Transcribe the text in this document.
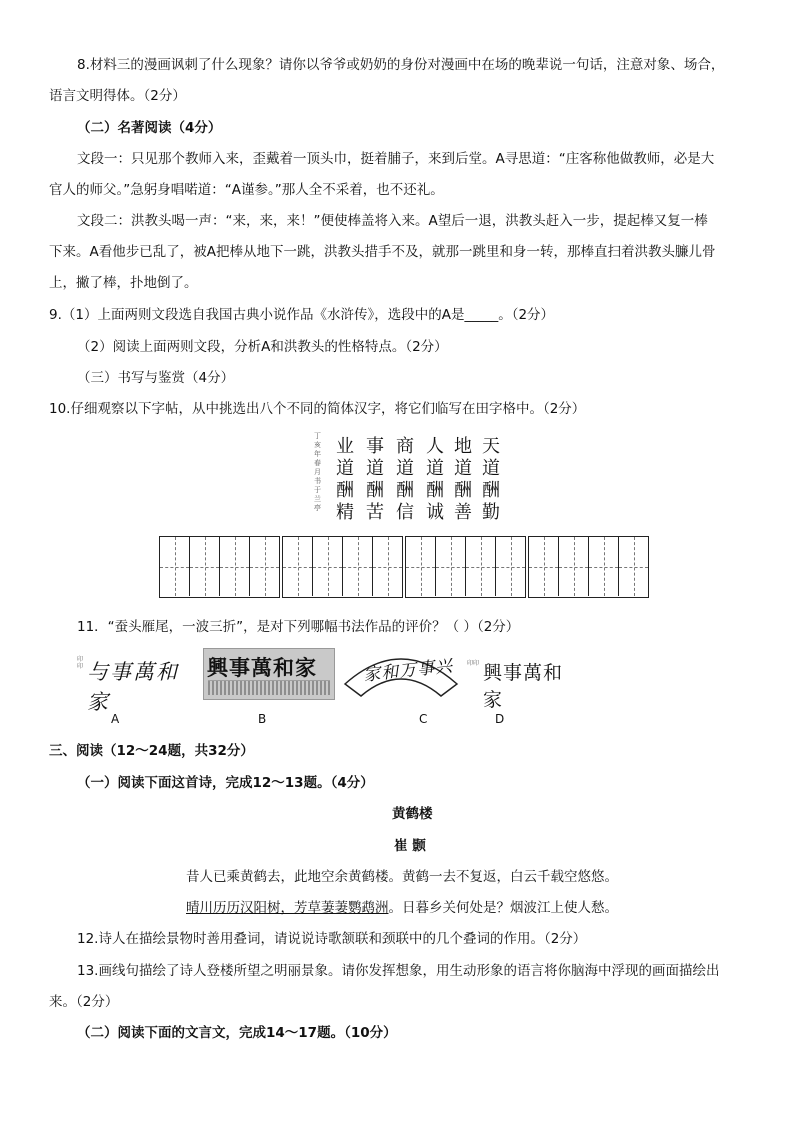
8.材料三的漫画讽刺了什么现象？请你以爷爷或奶奶的身份对漫画中在场的晚辈说一句话，注意对象、场合，
语言文明得体。（2分）
（二）名著阅读（4分）
文段一：只见那个教师入来，歪戴着一顶头巾，挺着脯子，来到后堂。A寻思道：“庄客称他做教师，必是大
官人的师父。”急躬身唱喏道：“A谨参。”那人全不采着，也不还礼。
文段二：洪教头喝一声：“来，来，来！”便使棒盖将入来。A望后一退，洪教头赶入一步，提起棒又复一棒
下来。A看他步已乱了，被A把棒从地下一跳，洪教头措手不及，就那一跳里和身一转，那棒直扫着洪教头臁儿骨
上，撇了棒，扑地倒了。
9.（1）上面两则文段选自我国古典小说作品《水浒传》，选段中的A是_____。（2分）
（2）阅读上面两则文段，分析A和洪教头的性格特点。（2分）
（三）书写与鉴赏（4分）
10.仔细观察以下字帖，从中挑选出八个不同的简体汉字，将它们临写在田字格中。（2分）
丁亥年春月书于兰亭
天道酬勤
地道酬善
人道酬诚
商道酬信
事道酬苦
业道酬精
11．“蚕头雁尾，一波三折”，是对下列哪幅书法作品的评价？（ ）（2分）
印印 与事萬和家
A
興事萬和家
B
家和万事兴
C
印印 興事萬和家
D
三、阅读（12～24题，共32分）
（一）阅读下面这首诗，完成12～13题。（4分）
黄鹤楼
崔 颢
昔人已乘黄鹤去，此地空余黄鹤楼。黄鹤一去不复返，白云千载空悠悠。
晴川历历汉阳树，芳草萋萋鹦鹉洲。日暮乡关何处是？烟波江上使人愁。
12.诗人在描绘景物时善用叠词，请说说诗歌颔联和颈联中的几个叠词的作用。（2分）
13.画线句描绘了诗人登楼所望之明丽景象。请你发挥想象，用生动形象的语言将你脑海中浮现的画面描绘出
来。（2分）
（二）阅读下面的文言文，完成14～17题。（10分）
